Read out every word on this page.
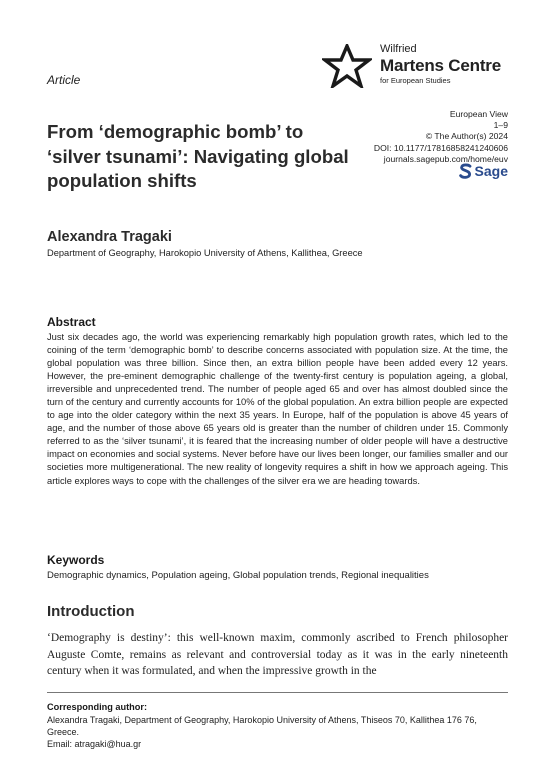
Article
Wilfried
Martens Centre
for European Studies
European View
1–9
© The Author(s) 2024
DOI: 10.1177/17816858241240606
journals.sagepub.com/home/euv
Sage
From ‘demographic bomb’ to ‘silver tsunami’: Navigating global population shifts
Alexandra Tragaki
Department of Geography, Harokopio University of Athens, Kallithea, Greece
Abstract
Just six decades ago, the world was experiencing remarkably high population growth rates, which led to the coining of the term ‘demographic bomb’ to describe concerns associated with population size. At the time, the global population was three billion. Since then, an extra billion people have been added every 12 years. However, the pre-eminent demographic challenge of the twenty-first century is population ageing, a global, irreversible and unprecedented trend. The number of people aged 65 and over has almost doubled since the turn of the century and currently accounts for 10% of the global population. An extra billion people are expected to age into the older category within the next 35 years. In Europe, half of the population is above 45 years of age, and the number of those above 65 years old is greater than the number of children under 15. Commonly referred to as the ‘silver tsunami’, it is feared that the increasing number of older people will have a destructive impact on economies and social systems. Never before have our lives been longer, our families smaller and our societies more multigenerational. The new reality of longevity requires a shift in how we approach ageing. This article explores ways to cope with the challenges of the silver era we are heading towards.
Keywords
Demographic dynamics, Population ageing, Global population trends, Regional inequalities
Introduction
‘Demography is destiny’: this well-known maxim, commonly ascribed to French philosopher Auguste Comte, remains as relevant and controversial today as it was in the early nineteenth century when it was formulated, and when the impressive growth in the
Corresponding author:
Alexandra Tragaki, Department of Geography, Harokopio University of Athens, Thiseos 70, Kallithea 176 76, Greece.
Email: atragaki@hua.gr
